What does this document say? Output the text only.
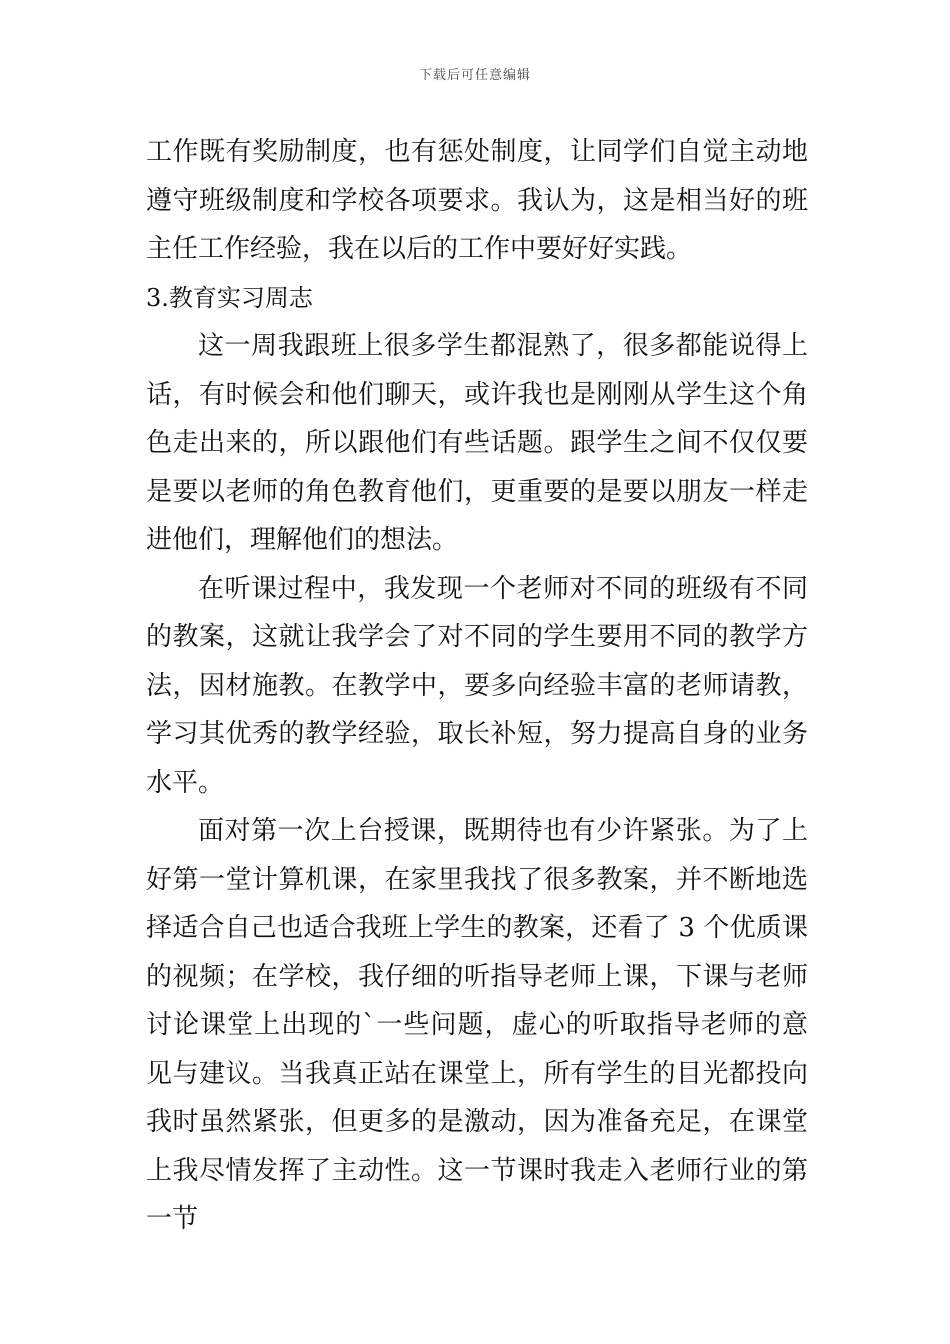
下载后可任意编辑

工作既有奖励制度，也有惩处制度，让同学们自觉主动地遵守班级制度和学校各项要求。我认为，这是相当好的班主任工作经验，我在以后的工作中要好好实践。

3.教育实习周志

这一周我跟班上很多学生都混熟了，很多都能说得上话，有时候会和他们聊天，或许我也是刚刚从学生这个角色走出来的，所以跟他们有些话题。跟学生之间不仅仅要是要以老师的角色教育他们，更重要的是要以朋友一样走进他们，理解他们的想法。

在听课过程中，我发现一个老师对不同的班级有不同的教案，这就让我学会了对不同的学生要用不同的教学方法，因材施教。在教学中，要多向经验丰富的老师请教，学习其优秀的教学经验，取长补短，努力提高自身的业务水平。

面对第一次上台授课，既期待也有少许紧张。为了上好第一堂计算机课，在家里我找了很多教案，并不断地选择适合自己也适合我班上学生的教案，还看了 3 个优质课的视频；在学校，我仔细的听指导老师上课，下课与老师讨论课堂上出现的`一些问题，虚心的听取指导老师的意见与建议。当我真正站在课堂上，所有学生的目光都投向我时虽然紧张，但更多的是激动，因为准备充足，在课堂上我尽情发挥了主动性。这一节课时我走入老师行业的第一节
